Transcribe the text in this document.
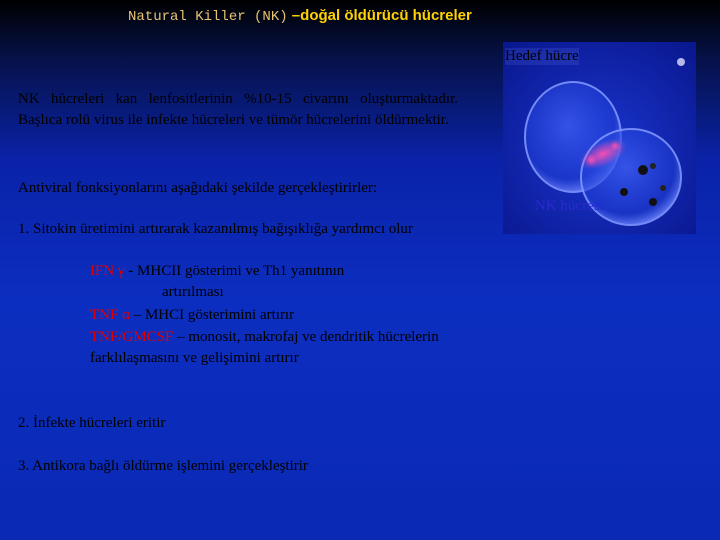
Natural Killer (NK) –doğal öldürücü hücreler
NK hücreleri kan lenfositlerinin %10-15 civarını oluşturmaktadır. Başlıca rolü virus ile infekte hücreleri ve tümör hücrelerini öldürmektir.
Antiviral fonksiyonlarını aşağıdaki şekilde gerçekleştirirler:
1. Sitokin üretimini artırarak kazanılmış bağışıklığa yardımcı olur
IFN γ - MHCII gösterimi ve Th1 yanıtının
artırılması
TNF α – MHCI gösterimini artırır
TNF/GMCSF – monosit, makrofaj ve dendritik hücrelerin farklılaşmasını ve gelişimini artırır
2. İnfekte hücreleri eritir
3. Antikora bağlı öldürme işlemini gerçekleştirir
Hedef hücre
NK hücresi
